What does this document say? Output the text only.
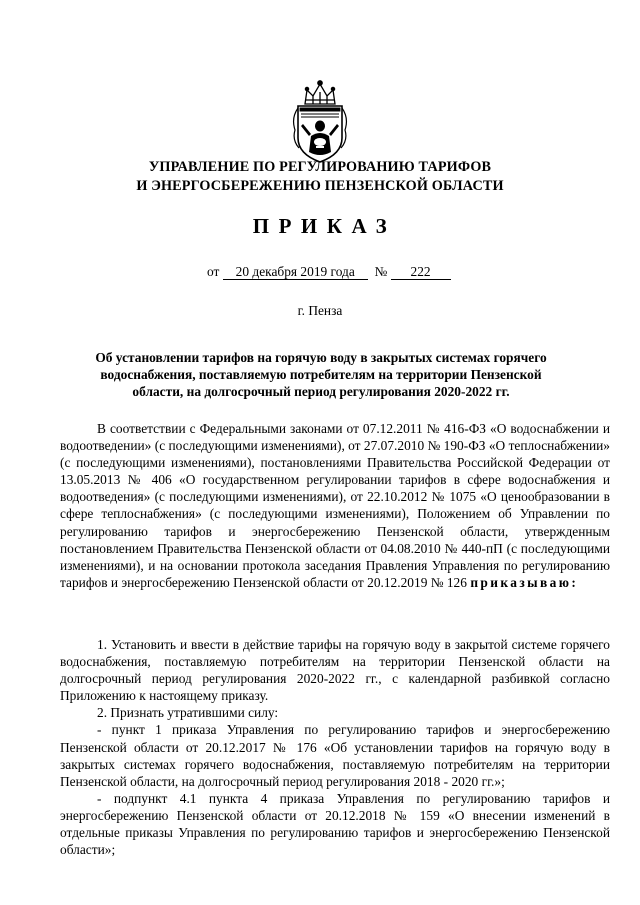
УПРАВЛЕНИЕ ПО РЕГУЛИРОВАНИЮ ТАРИФОВ
И ЭНЕРГОСБЕРЕЖЕНИЮ ПЕНЗЕНСКОЙ ОБЛАСТИ
ПРИКАЗ
от 20 декабря 2019 года № 222
г. Пенза
Об установлении тарифов на горячую воду в закрытых системах горячего водоснабжения, поставляемую потребителям на территории Пензенской области, на долгосрочный период регулирования 2020-2022 гг.

В соответствии с Федеральными законами от 07.12.2011 № 416-ФЗ «О водоснабжении и водоотведении» (с последующими изменениями), от 27.07.2010 № 190-ФЗ «О теплоснабжении» (с последующими изменениями), постановлениями Правительства Российской Федерации от 13.05.2013 № 406 «О государственном регулировании тарифов в сфере водоснабжения и водоотведения» (с последующими изменениями), от 22.10.2012 № 1075 «О ценообразовании в сфере теплоснабжения» (с последующими изменениями), Положением об Управлении по регулированию тарифов и энергосбережению Пензенской области, утвержденным постановлением Правительства Пензенской области от 04.08.2010 № 440-пП (с последующими изменениями), и на основании протокола заседания Правления Управления по регулированию тарифов и энергосбережению Пензенской области от 20.12.2019 № 126 приказываю:

1. Установить и ввести в действие тарифы на горячую воду в закрытой системе горячего водоснабжения, поставляемую потребителям на территории Пензенской области на долгосрочный период регулирования 2020-2022 гг., с календарной разбивкой согласно Приложению к настоящему приказу.

2. Признать утратившими силу:

- пункт 1 приказа Управления по регулированию тарифов и энергосбережению Пензенской области от 20.12.2017 № 176 «Об установлении тарифов на горячую воду в закрытых системах горячего водоснабжения, поставляемую потребителям на территории Пензенской области, на долгосрочный период регулирования 2018 - 2020 гг.»;

- подпункт 4.1 пункта 4 приказа Управления по регулированию тарифов и энергосбережению Пензенской области от 20.12.2018 № 159 «О внесении изменений в отдельные приказы Управления по регулированию тарифов и энергосбережению Пензенской области»;
